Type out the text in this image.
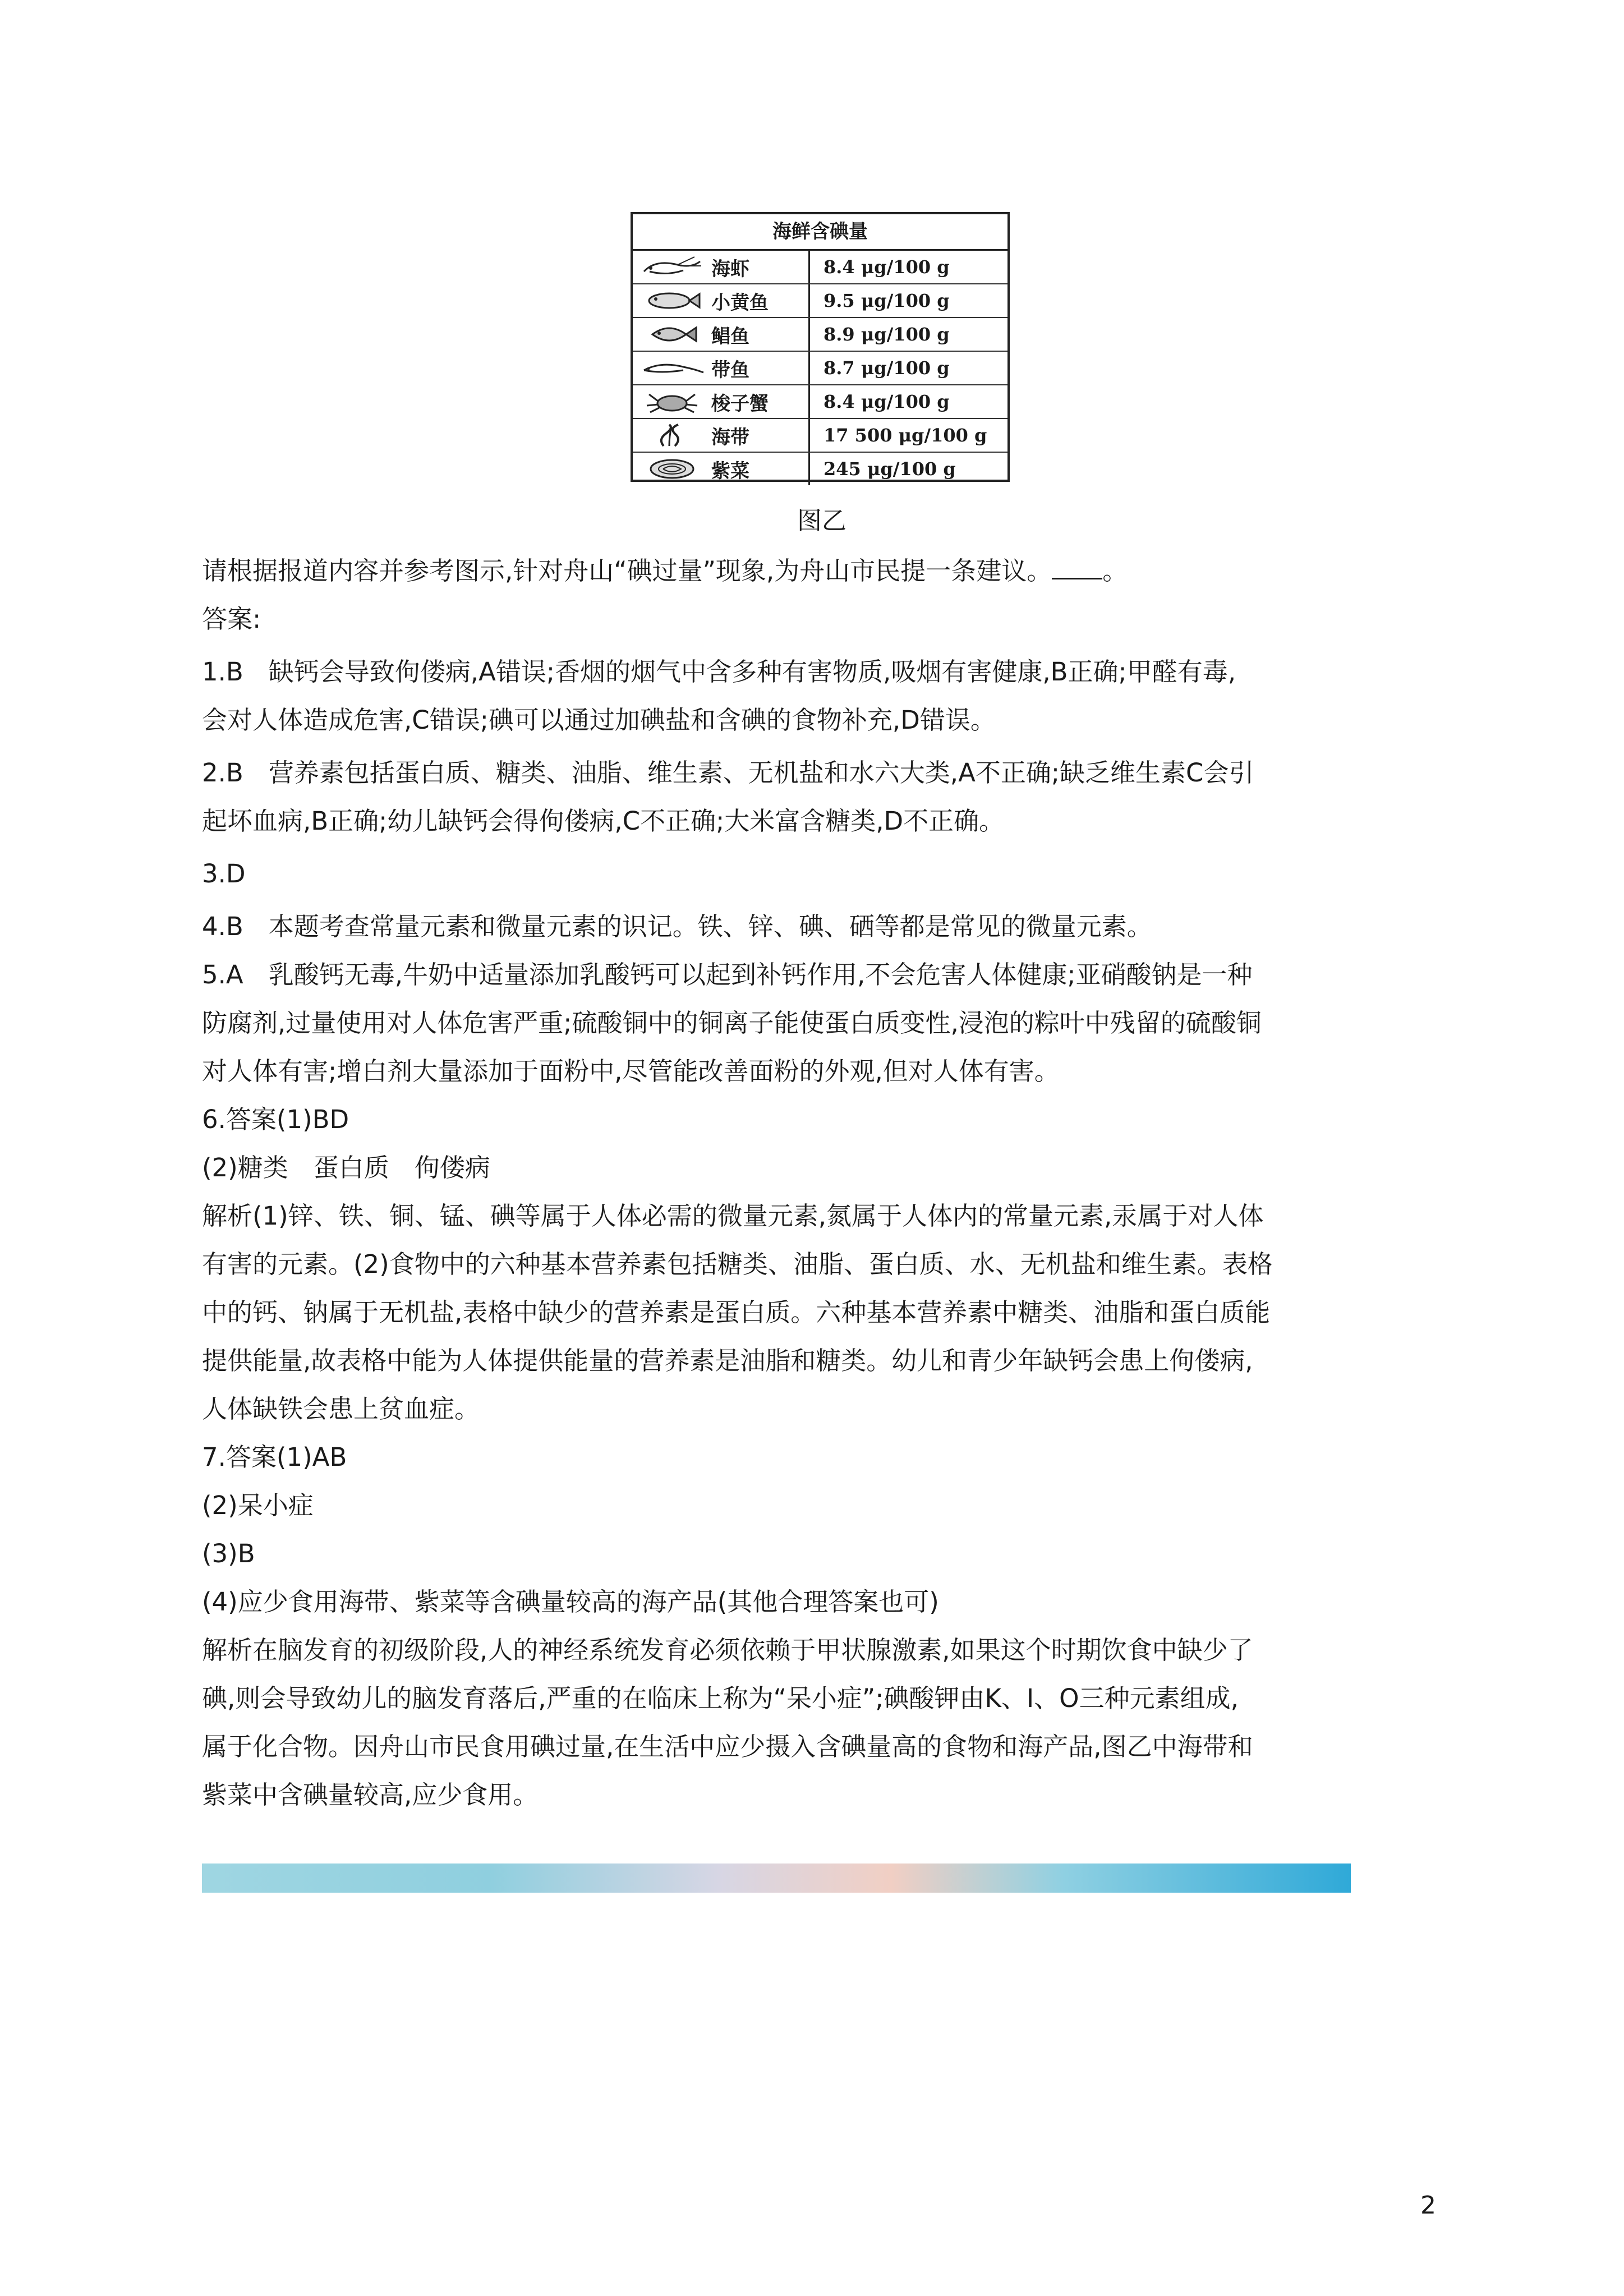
海鲜含碘量
海虾	8.4 μg/100 g
小黄鱼	9.5 μg/100 g
鲳鱼	8.9 μg/100 g
带鱼	8.7 μg/100 g
梭子蟹	8.4 μg/100 g
海带	17 500 μg/100 g
紫菜	245 μg/100 g
图乙

请根据报道内容并参考图示,针对舟山“碘过量”现象,为舟山市民提一条建议。 。

答案:

1.B　缺钙会导致佝偻病,A错误;香烟的烟气中含多种有害物质,吸烟有害健康,B正确;甲醛有毒,

会对人体造成危害,C错误;碘可以通过加碘盐和含碘的食物补充,D错误。

2.B　营养素包括蛋白质、糖类、油脂、维生素、无机盐和水六大类,A不正确;缺乏维生素C会引

起坏血病,B正确;幼儿缺钙会得佝偻病,C不正确;大米富含糖类,D不正确。

3.D

4.B　本题考查常量元素和微量元素的识记。铁、锌、碘、硒等都是常见的微量元素。

5.A　乳酸钙无毒,牛奶中适量添加乳酸钙可以起到补钙作用,不会危害人体健康;亚硝酸钠是一种

防腐剂,过量使用对人体危害严重;硫酸铜中的铜离子能使蛋白质变性,浸泡的粽叶中残留的硫酸铜

对人体有害;增白剂大量添加于面粉中,尽管能改善面粉的外观,但对人体有害。

6.答案(1)BD

(2)糖类　蛋白质　佝偻病

解析(1)锌、铁、铜、锰、碘等属于人体必需的微量元素,氮属于人体内的常量元素,汞属于对人体

有害的元素。(2)食物中的六种基本营养素包括糖类、油脂、蛋白质、水、无机盐和维生素。表格

中的钙、钠属于无机盐,表格中缺少的营养素是蛋白质。六种基本营养素中糖类、油脂和蛋白质能

提供能量,故表格中能为人体提供能量的营养素是油脂和糖类。幼儿和青少年缺钙会患上佝偻病,

人体缺铁会患上贫血症。

7.答案(1)AB

(2)呆小症

(3)B

(4)应少食用海带、紫菜等含碘量较高的海产品(其他合理答案也可)

解析在脑发育的初级阶段,人的神经系统发育必须依赖于甲状腺激素,如果这个时期饮食中缺少了

碘,则会导致幼儿的脑发育落后,严重的在临床上称为“呆小症”;碘酸钾由K、I、O三种元素组成,

属于化合物。因舟山市民食用碘过量,在生活中应少摄入含碘量高的食物和海产品,图乙中海带和

紫菜中含碘量较高,应少食用。

2
